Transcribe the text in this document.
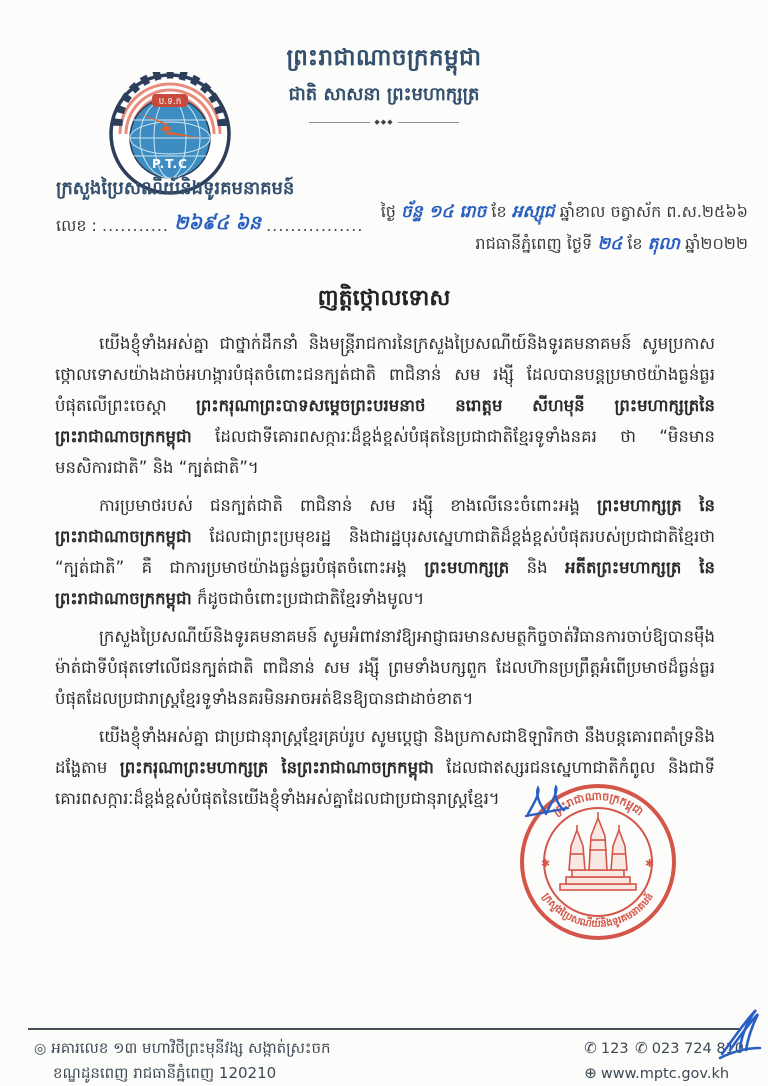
ព្រះរាជាណាចក្រកម្ពុជា
ជាតិ សាសនា ព្រះមហាក្សត្រ
◆◆◆
ប.ទ.ក
P.T.C
ក្រសួងប្រៃសណីយ៍និងទូរគមនាគមន៍
លេខ : ........... ២៦៩៤ ៦ន ................
ថ្ងៃ ច័ន្ទ ១៤ រោច ខែ អស្សុជ ឆ្នាំខាល ចត្វាស័ក ព.ស.២៥៦៦
រាជធានីភ្នំពេញ ថ្ងៃទី ២៤ ខែ តុលា ឆ្នាំ២០២២
ញត្តិថ្កោលទោស

យើងខ្ញុំទាំងអស់គ្នា ជាថ្នាក់ដឹកនាំ និងមន្ត្រីរាជការនៃក្រសួងប្រៃសណីយ៍និងទូរគមនាគមន៍ សូមប្រកាសថ្កោលទោសយ៉ាងដាច់អហង្ការបំផុតចំពោះជនក្បត់ជាតិ ពាជិនាន់ សម រង្ស៊ី ដែលបានបន្តប្រមាថយ៉ាងធ្ងន់ធ្ងរបំផុតលើព្រះចេស្តា ព្រះករុណាព្រះបាទសម្តេចព្រះបរមនាថ នរោត្តម សីហមុនី ព្រះមហាក្សត្រនៃព្រះរាជាណាចក្រកម្ពុជា ដែលជាទីគោរពសក្ការៈដ៏ខ្ពង់ខ្ពស់បំផុតនៃប្រជាជាតិខ្មែរទូទាំងនគរ ថា “មិនមានមនសិការជាតិ” និង “ក្បត់ជាតិ”។

ការប្រមាថរបស់ ជនក្បត់ជាតិ ពាជិនាន់ សម រង្ស៊ី ខាងលើនេះចំពោះអង្គ ព្រះមហាក្សត្រ នៃព្រះរាជាណាចក្រកម្ពុជា ដែលជាព្រះប្រមុខរដ្ឋ និងជារដ្ឋបុរសស្នេហាជាតិដ៏ខ្ពង់ខ្ពស់បំផុតរបស់ប្រជាជាតិខ្មែរថា “ក្បត់ជាតិ” គឺ ជាការប្រមាថយ៉ាងធ្ងន់ធ្ងរបំផុតចំពោះអង្គ ព្រះមហាក្សត្រ និង អតីតព្រះមហាក្សត្រ នៃព្រះរាជាណាចក្រកម្ពុជា ក៏ដូចជាចំពោះប្រជាជាតិខ្មែរទាំងមូល។

ក្រសួងប្រៃសណីយ៍និងទូរគមនាគមន៍ សូមអំពាវនាវឱ្យអាជ្ញាធរមានសមត្ថកិច្ចចាត់វិធានការចាប់ឱ្យបានម៉ឹងម៉ាត់ជាទីបំផុតទៅលើជនក្បត់ជាតិ ពាជិនាន់ សម រង្ស៊ី ព្រមទាំងបក្សពួក ដែលហ៊ានប្រព្រឹត្តអំពើប្រមាថដ៏ធ្ងន់ធ្ងរបំផុតដែលប្រជារាស្ត្រខ្មែរទូទាំងនគរមិនអាចអត់ឱនឱ្យបានជាដាច់ខាត។

យើងខ្ញុំទាំងអស់គ្នា ជាប្រជានុរាស្ត្រខ្មែរគ្រប់រូប សូមប្តេជ្ញា និងប្រកាសជាឱឡារិកថា នឹងបន្តគោរពគាំទ្រនិងដង្ហែតាម ព្រះករុណាព្រះមហាក្សត្រ នៃព្រះរាជាណាចក្រកម្ពុជា ដែលជាឥស្សរជនស្នេហាជាតិកំពូល និងជាទីគោរពសក្ការៈដ៏ខ្ពង់ខ្ពស់បំផុតនៃយើងខ្ញុំទាំងអស់គ្នាដែលជាប្រជានុរាស្ត្រខ្មែរ។

ព្រះរាជាណាចក្រកម្ពុជា
ក្រសួងប្រៃសណីយ៍និងទូរគមនាគមន៍
✱	✱
◎ អគារលេខ ១៣ មហាវិថីព្រះមុនីវង្ស សង្កាត់ស្រះចក
ខណ្ឌដូនពេញ រាជធានីភ្នំពេញ 120210
✆ 123 ✆ 023 724 810
⊕ www.mptc.gov.kh
